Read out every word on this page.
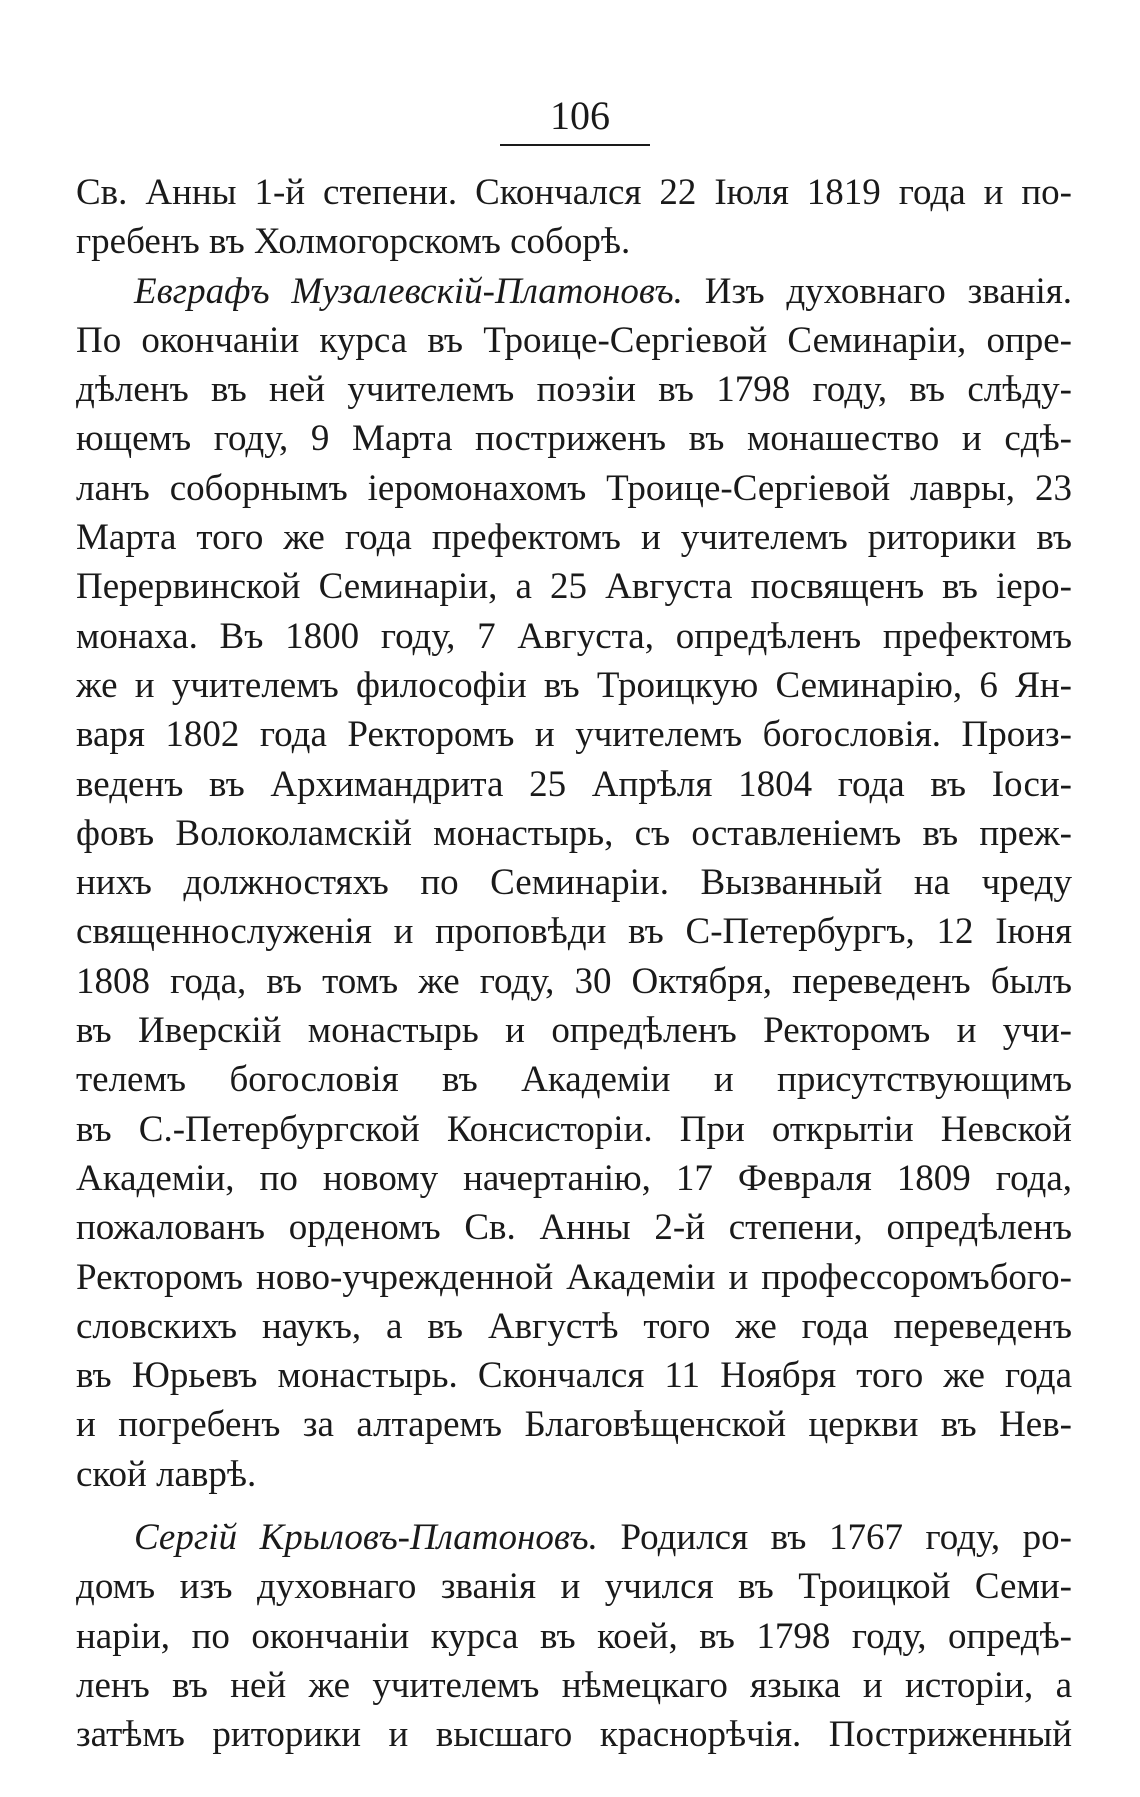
106
Св. Анны 1-й степени. Скончался 22 Іюля 1819 года и по-
гребенъ въ Холмогорскомъ соборѣ.
Евграфъ Музалевскій-Платоновъ. Изъ духовнаго званія.
По окончаніи курса въ Троице-Сергіевой Семинаріи, опре-
дѣленъ въ ней учителемъ поэзіи въ 1798 году, въ слѣду-
ющемъ году, 9 Марта постриженъ въ монашество и сдѣ-
ланъ соборнымъ іеромонахомъ Троице-Сергіевой лавры, 23
Марта того же года префектомъ и учителемъ риторики въ
Перервинской Семинаріи, а 25 Августа посвященъ въ іеро-
монаха. Въ 1800 году, 7 Августа, опредѣленъ префектомъ
же и учителемъ философіи въ Троицкую Семинарію, 6 Ян-
варя 1802 года Ректоромъ и учителемъ богословія. Произ-
веденъ въ Архимандрита 25 Апрѣля 1804 года въ Іоси-
фовъ Волоколамскій монастырь, съ оставленіемъ въ преж-
нихъ должностяхъ по Семинаріи. Вызванный на чреду
священнослуженія и проповѣди въ С-Петербургъ, 12 Іюня
1808 года, въ томъ же году, 30 Октября, переведенъ былъ
въ Иверскій монастырь и опредѣленъ Ректоромъ и учи-
телемъ богословія въ Академіи и присутствующимъ
въ С.-Петербургской Консисторіи. При открытіи Невской
Академіи, по новому начертанію, 17 Февраля 1809 года,
пожалованъ орденомъ Св. Анны 2-й степени, опредѣленъ
Ректоромъ ново-учрежденной Академіи и профессоромъбого-
словскихъ наукъ, а въ Августѣ того же года переведенъ
въ Юрьевъ монастырь. Скончался 11 Ноября того же года
и погребенъ за алтаремъ Благовѣщенской церкви въ Нев-
ской лаврѣ.
Сергій Крыловъ-Платоновъ. Родился въ 1767 году, ро-
домъ изъ духовнаго званія и учился въ Троицкой Семи-
наріи, по окончаніи курса въ коей, въ 1798 году, опредѣ-
ленъ въ ней же учителемъ нѣмецкаго языка и исторіи, а
затѣмъ риторики и высшаго краснорѣчія. Постриженный
